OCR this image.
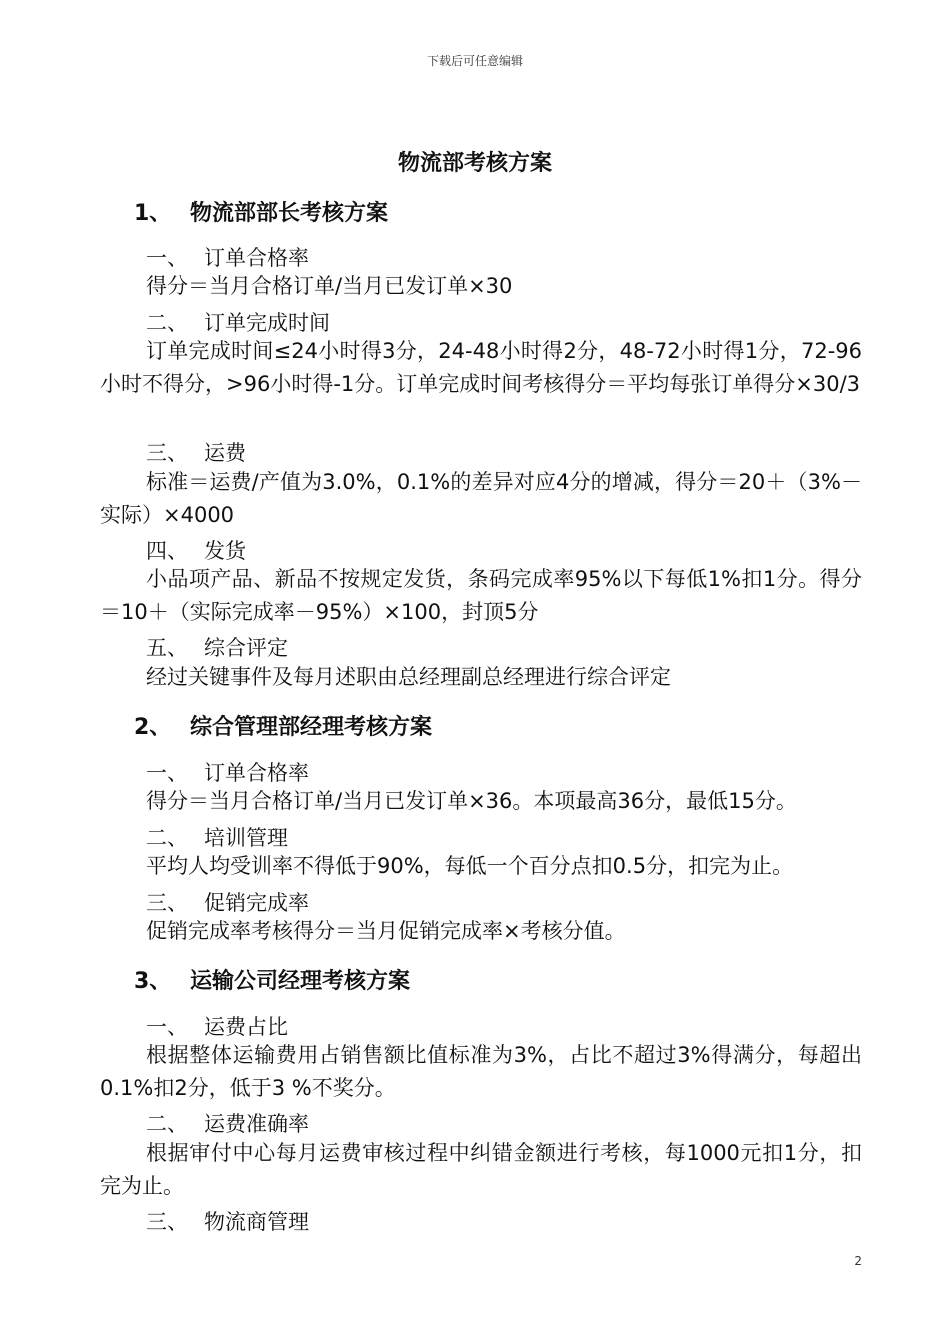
下载后可任意编辑
物流部考核方案
1、 物流部部长考核方案
一、 订单合格率
得分＝当月合格订单/当月已发订单×30
二、 订单完成时间
订单完成时间≤24小时得3分，24-48小时得2分，48-72小时得1分，72-96小时不得分，>96小时得-1分。订单完成时间考核得分＝平均每张订单得分×30/3
三、 运费
标准＝运费/产值为3.0%，0.1%的差异对应4分的增减，得分＝20＋（3%－实际）×4000
四、 发货
小品项产品、新品不按规定发货，条码完成率95%以下每低1%扣1分。得分＝10＋（实际完成率－95%）×100，封顶5分
五、 综合评定
经过关键事件及每月述职由总经理副总经理进行综合评定
2、 综合管理部经理考核方案
一、 订单合格率
得分＝当月合格订单/当月已发订单×36。本项最高36分，最低15分。
二、 培训管理
平均人均受训率不得低于90%，每低一个百分点扣0.5分，扣完为止。
三、 促销完成率
促销完成率考核得分＝当月促销完成率×考核分值。
3、 运输公司经理考核方案
一、 运费占比
根据整体运输费用占销售额比值标准为3%，占比不超过3%得满分，每超出0.1%扣2分，低于3 %不奖分。
二、 运费准确率
根据审付中心每月运费审核过程中纠错金额进行考核，每1000元扣1分，扣完为止。
三、 物流商管理
2
